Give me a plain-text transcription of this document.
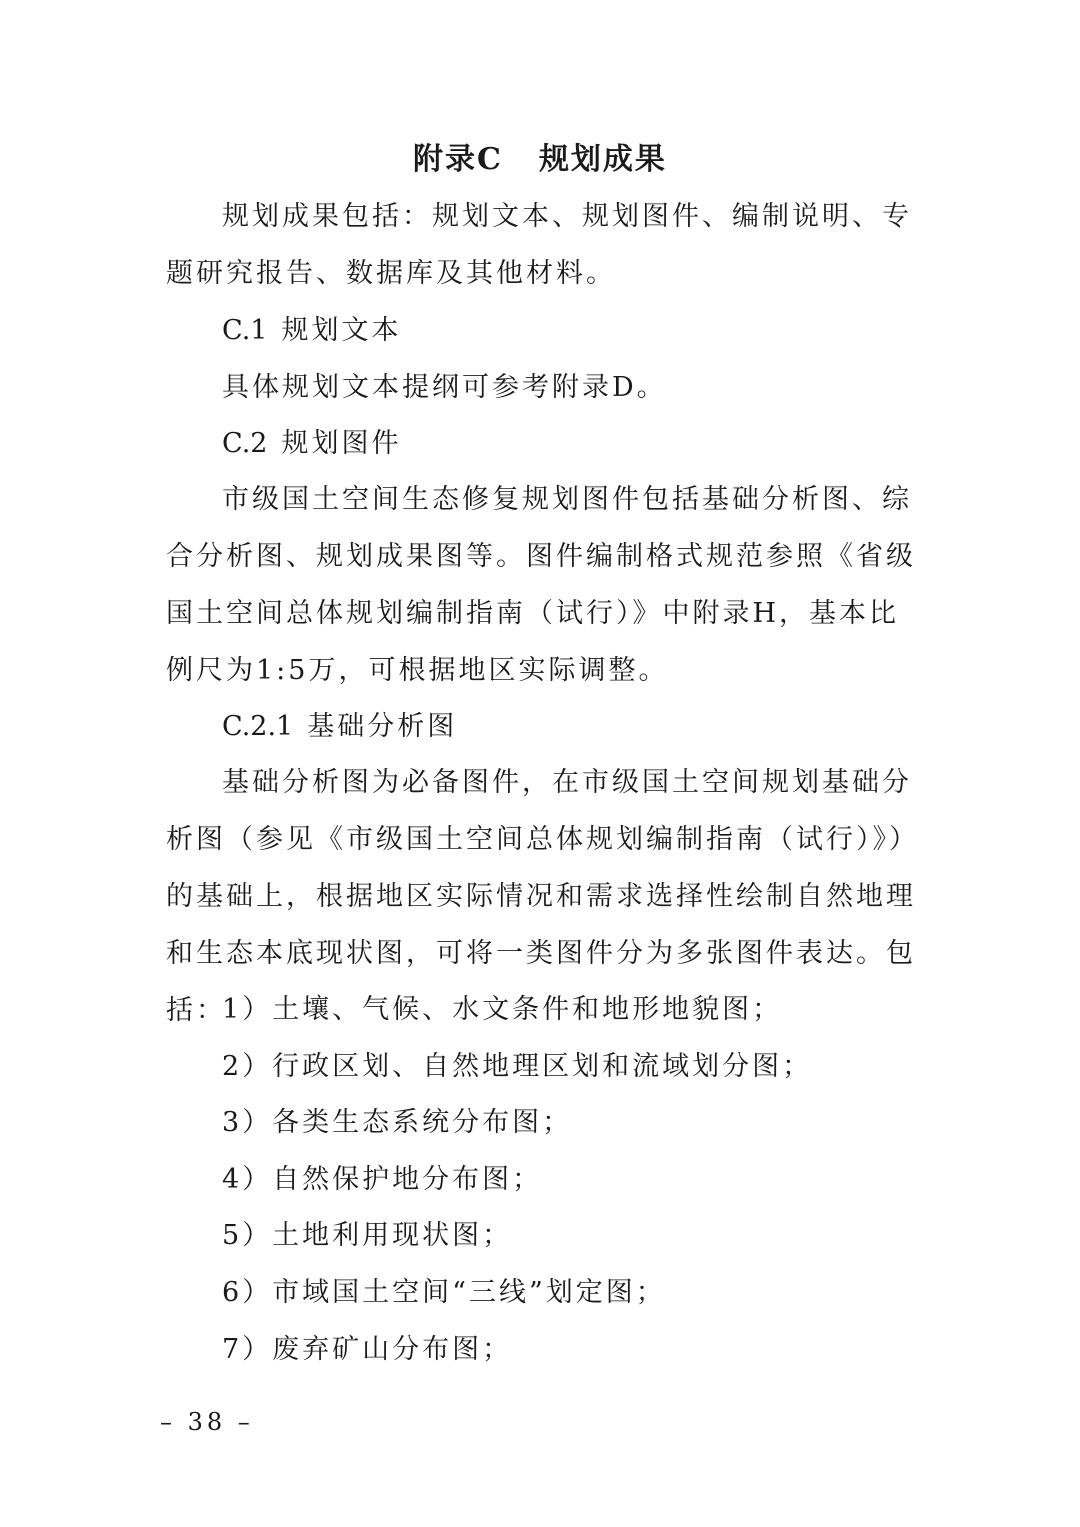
附录C 规划成果
规划成果包括：规划文本、规划图件、编制说明、专题研究报告、数据库及其他材料。
C.1 规划文本
具体规划文本提纲可参考附录D。
C.2 规划图件
市级国土空间生态修复规划图件包括基础分析图、综合分析图、规划成果图等。图件编制格式规范参照《省级国土空间总体规划编制指南（试行）》中附录H，基本比例尺为1:5万，可根据地区实际调整。
C.2.1 基础分析图
基础分析图为必备图件，在市级国土空间规划基础分析图（参见《市级国土空间总体规划编制指南（试行）》）的基础上，根据地区实际情况和需求选择性绘制自然地理和生态本底现状图，可将一类图件分为多张图件表达。包括：
1）土壤、气候、水文条件和地形地貌图；
2）行政区划、自然地理区划和流域划分图；
3）各类生态系统分布图；
4）自然保护地分布图；
5）土地利用现状图；
6）市域国土空间“三线”划定图；
7）废弃矿山分布图；
– 38 –
